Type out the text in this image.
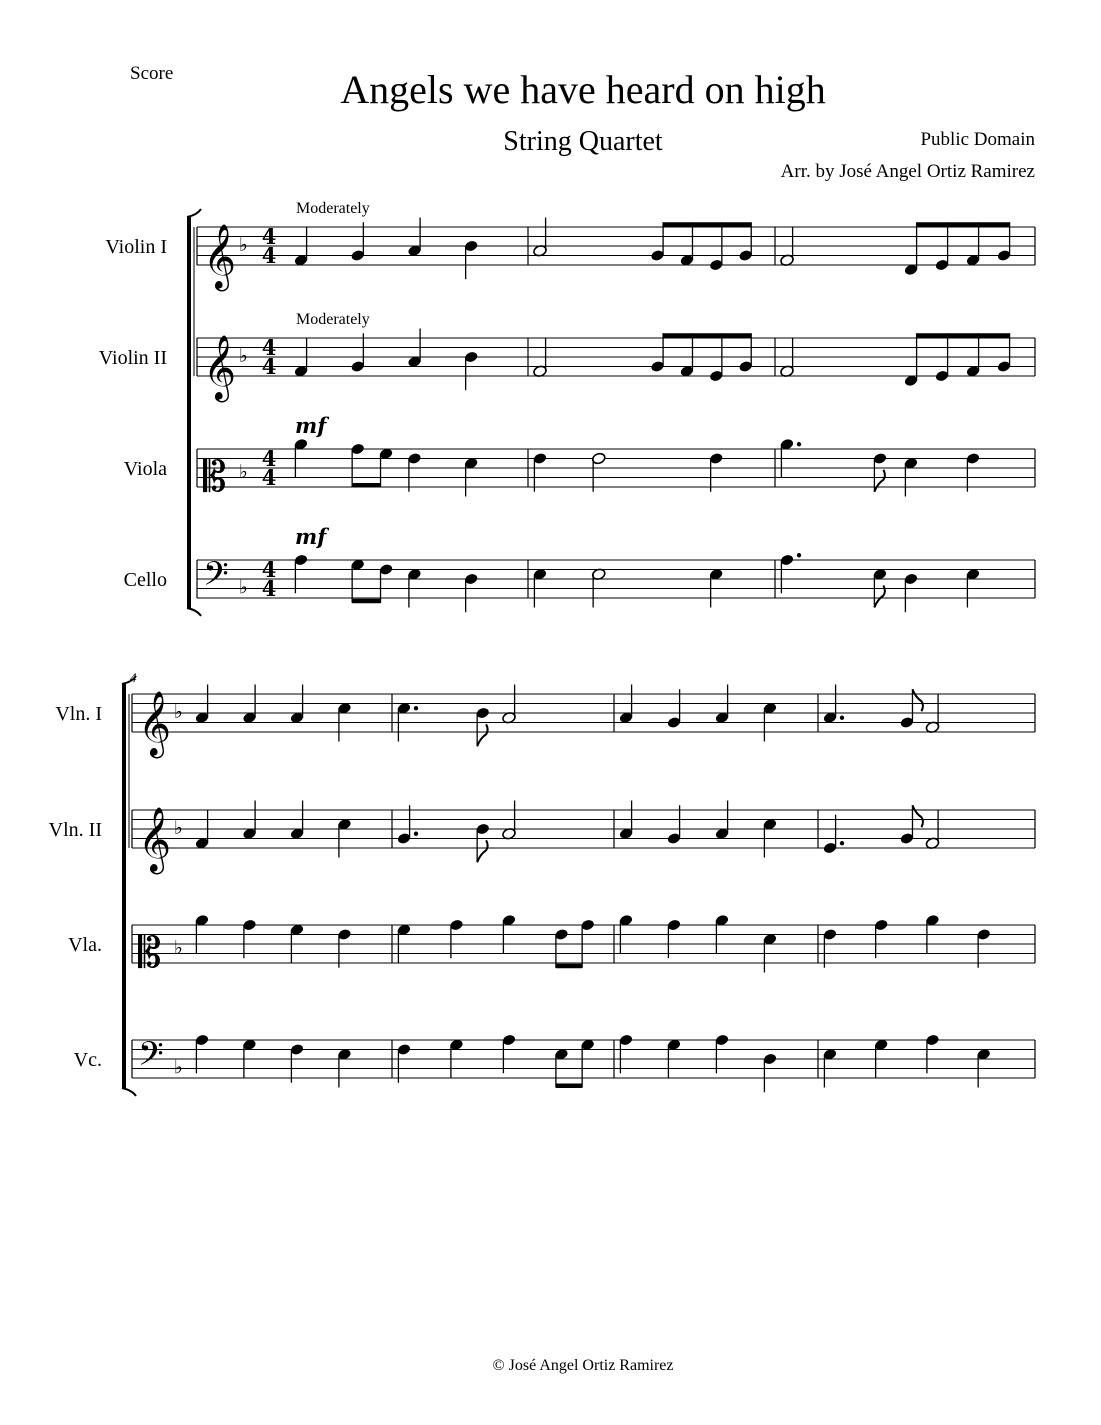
Score	Angels we have heard on high
String Quartet	Public Domain
Arr. by José Angel Ortiz Ramirez
Violin I 𝄞 ♭ 4
4
Moderately
Violin II 𝄞 ♭ 4
4
Moderately
Viola 𝄡 ♭
4
4
mf
Cello 𝄢 ♭
4
4
mf
4
Vln. I 𝄞 ♭
Vln. II 𝄞 ♭
Vla. 𝄡 ♭
Vc. 𝄢 ♭
© José Angel Ortiz Ramirez
